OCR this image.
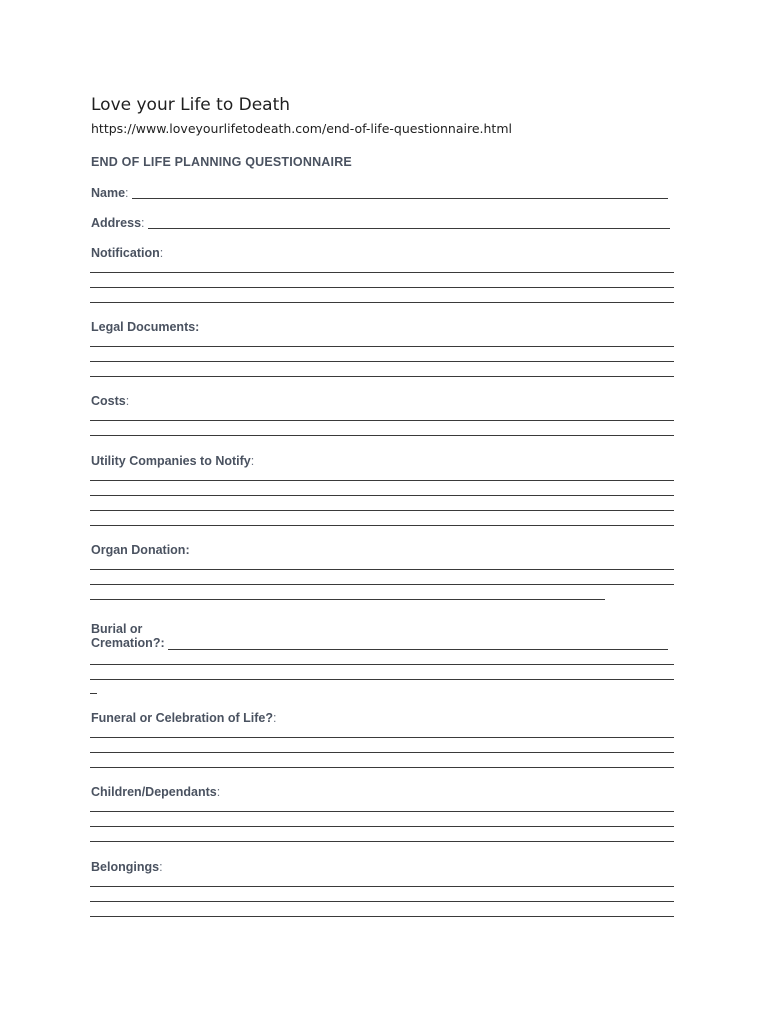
Love your Life to Death
https://www.loveyourlifetodeath.com/end-of-life-questionnaire.html
END OF LIFE PLANNING QUESTIONNAIRE
Name:
Address:
Notification:
Legal Documents:
Costs:
Utility Companies to Notify:
Organ Donation:
Burial or
Cremation?:
Funeral or Celebration of Life?:
Children/Dependants:
Belongings:
